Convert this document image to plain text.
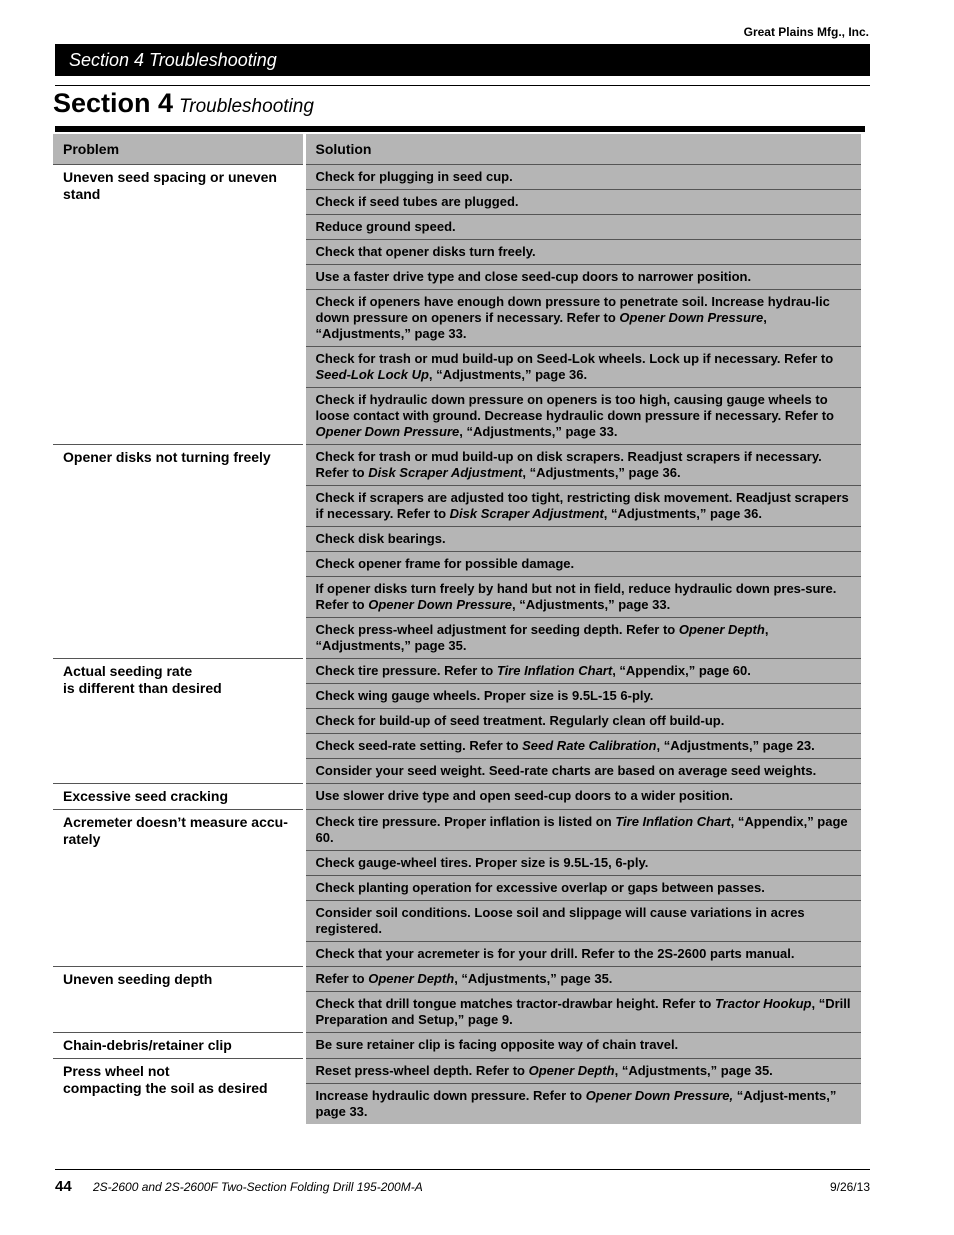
Great Plains Mfg., Inc.
Section 4 Troubleshooting
Section 4 Troubleshooting
Problem	Solution
Uneven seed spacing or uneven stand	Check for plugging in seed cup.
	Check if seed tubes are plugged.
	Reduce ground speed.
	Check that opener disks turn freely.
	Use a faster drive type and close seed-cup doors to narrower position.
	Check if openers have enough down pressure to penetrate soil. Increase hydrau-lic down pressure on openers if necessary. Refer to Opener Down Pressure, “Adjustments,” page 33.
	Check for trash or mud build-up on Seed-Lok wheels. Lock up if necessary. Refer to Seed-Lok Lock Up, “Adjustments,” page 36.
	Check if hydraulic down pressure on openers is too high, causing gauge wheels to loose contact with ground. Decrease hydraulic down pressure if necessary. Refer to Opener Down Pressure, “Adjustments,” page 33.
Opener disks not turning freely	Check for trash or mud build-up on disk scrapers. Readjust scrapers if necessary. Refer to Disk Scraper Adjustment, “Adjustments,” page 36.
	Check if scrapers are adjusted too tight, restricting disk movement. Readjust scrapers if necessary. Refer to Disk Scraper Adjustment, “Adjustments,” page 36.
	Check disk bearings.
	Check opener frame for possible damage.
	If opener disks turn freely by hand but not in field, reduce hydraulic down pres-sure. Refer to Opener Down Pressure, “Adjustments,” page 33.
	Check press-wheel adjustment for seeding depth. Refer to Opener Depth, “Adjustments,” page 35.
Actual seeding rate
is different than desired	Check tire pressure. Refer to Tire Inflation Chart, “Appendix,” page 60.
	Check wing gauge wheels. Proper size is 9.5L-15 6-ply.
	Check for build-up of seed treatment. Regularly clean off build-up.
	Check seed-rate setting. Refer to Seed Rate Calibration, “Adjustments,” page 23.
	Consider your seed weight. Seed-rate charts are based on average seed weights.
Excessive seed cracking	Use slower drive type and open seed-cup doors to a wider position.
Acremeter doesn’t measure accu-rately	Check tire pressure. Proper inflation is listed on Tire Inflation Chart, “Appendix,” page 60.
	Check gauge-wheel tires. Proper size is 9.5L-15, 6-ply.
	Check planting operation for excessive overlap or gaps between passes.
	Consider soil conditions. Loose soil and slippage will cause variations in acres registered.
	Check that your acremeter is for your drill. Refer to the 2S-2600 parts manual.
Uneven seeding depth	Refer to Opener Depth, “Adjustments,” page 35.
	Check that drill tongue matches tractor-drawbar height. Refer to Tractor Hookup, “Drill Preparation and Setup,” page 9.
Chain-debris/retainer clip	Be sure retainer clip is facing opposite way of chain travel.
Press wheel not
compacting the soil as desired	Reset press-wheel depth. Refer to Opener Depth, “Adjustments,” page 35.
	Increase hydraulic down pressure. Refer to Opener Down Pressure, “Adjust-ments,” page 33.
44 2S-2600 and 2S-2600F Two-Section Folding Drill 195-200M-A	9/26/13
